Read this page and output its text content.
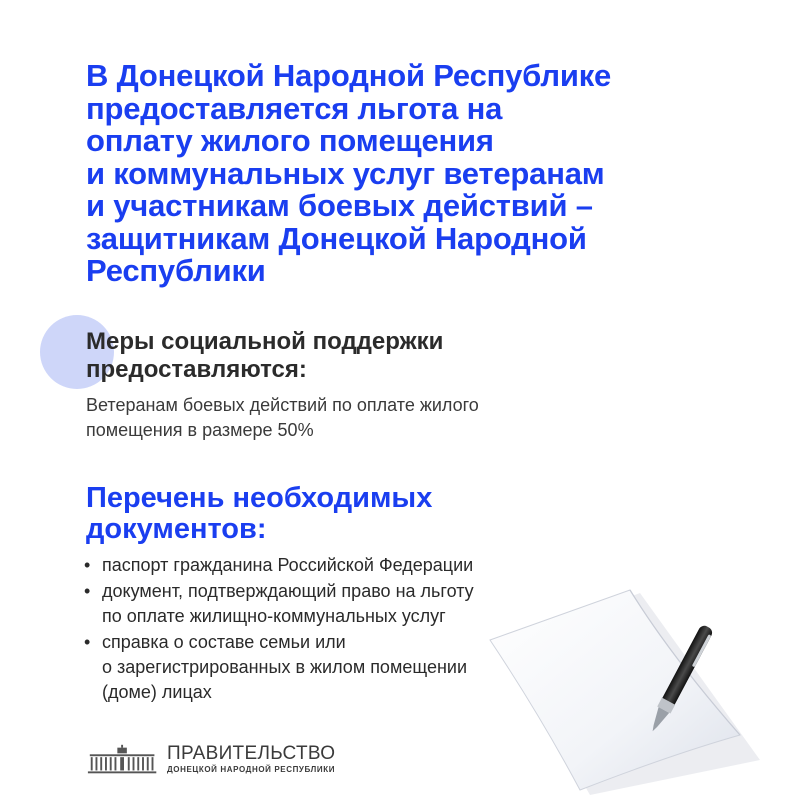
В Донецкой Народной Республике
предоставляется льгота на
оплату жилого помещения
и коммунальных услуг ветеранам
и участникам боевых действий –
защитникам Донецкой Народной
Республики
Меры социальной поддержки
предоставляются:
Ветеранам боевых действий по оплате жилого
помещения в размере 50%
Перечень необходимых
документов:
• паспорт гражданина Российской Федерации
• документ, подтверждающий право на льготу
по оплате жилищно-коммунальных услуг
• справка о составе семьи или
о зарегистрированных в жилом помещении
(доме) лицах
ПРАВИТЕЛЬСТВО
ДОНЕЦКОЙ НАРОДНОЙ РЕСПУБЛИКИ
